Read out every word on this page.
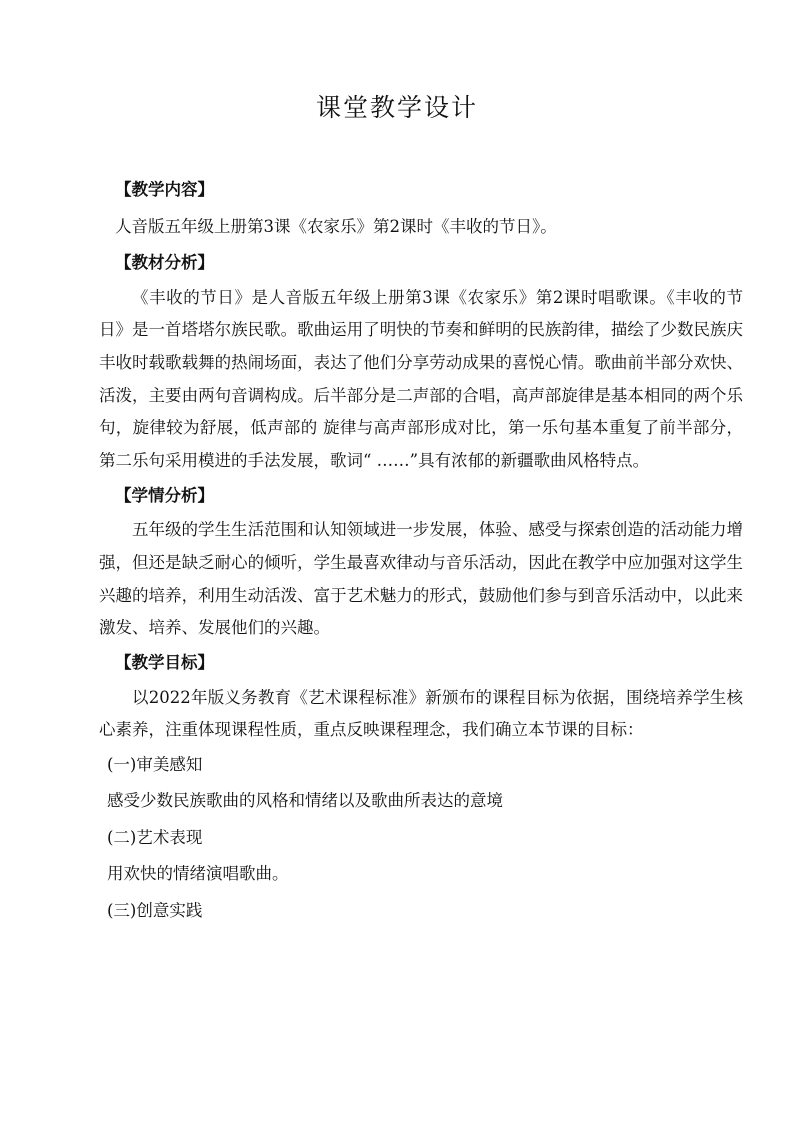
课堂教学设计
【教学内容】
人音版五年级上册第3课《农家乐》第2课时《丰收的节日》。
【教材分析】

《丰收的节日》是人音版五年级上册第3课《农家乐》第2课时唱歌课。《丰收的节日》是一首塔塔尔族民歌。歌曲运用了明快的节奏和鲜明的民族韵律，描绘了少数民族庆丰收时载歌载舞的热闹场面，表达了他们分享劳动成果的喜悦心情。歌曲前半部分欢快、活泼，主要由两句音调构成。后半部分是二声部的合唱，高声部旋律是基本相同的两个乐句，旋律较为舒展，低声部的 旋律与高声部形成对比，第一乐句基本重复了前半部分，第二乐句采用模进的手法发展，歌词“ ……”具有浓郁的新疆歌曲风格特点。

【学情分析】

五年级的学生生活范围和认知领域进一步发展，体验、感受与探索创造的活动能力增强，但还是缺乏耐心的倾听，学生最喜欢律动与音乐活动，因此在教学中应加强对这学生兴趣的培养，利用生动活泼、富于艺术魅力的形式，鼓励他们参与到音乐活动中，以此来激发、培养、发展他们的兴趣。

【教学目标】

以2022年版义务教育《艺术课程标准》新颁布的课程目标为依据，围绕培养学生核心素养，注重体现课程性质，重点反映课程理念，我们确立本节课的目标：

(一)审美感知
感受少数民族歌曲的风格和情绪以及歌曲所表达的意境
(二)艺术表现
用欢快的情绪演唱歌曲。
(三)创意实践
